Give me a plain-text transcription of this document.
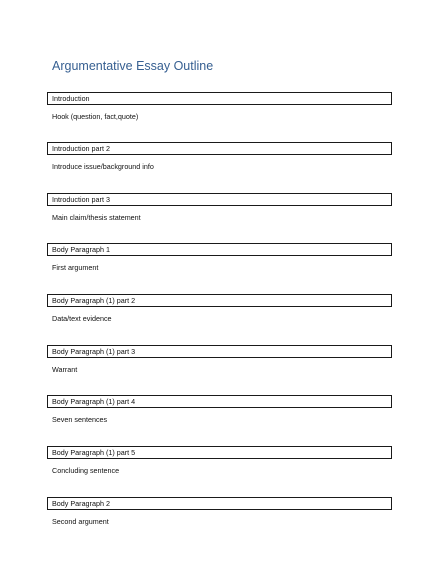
Argumentative Essay Outline
Introduction
Hook (question, fact,quote)
Introduction part 2
Introduce issue/background info
Introduction part 3
Main claim/thesis statement
Body Paragraph 1
First argument
Body Paragraph (1) part 2
Data/text evidence
Body Paragraph (1) part 3
Warrant
Body Paragraph (1) part 4
Seven sentences
Body Paragraph (1) part 5
Concluding sentence
Body Paragraph 2
Second argument
